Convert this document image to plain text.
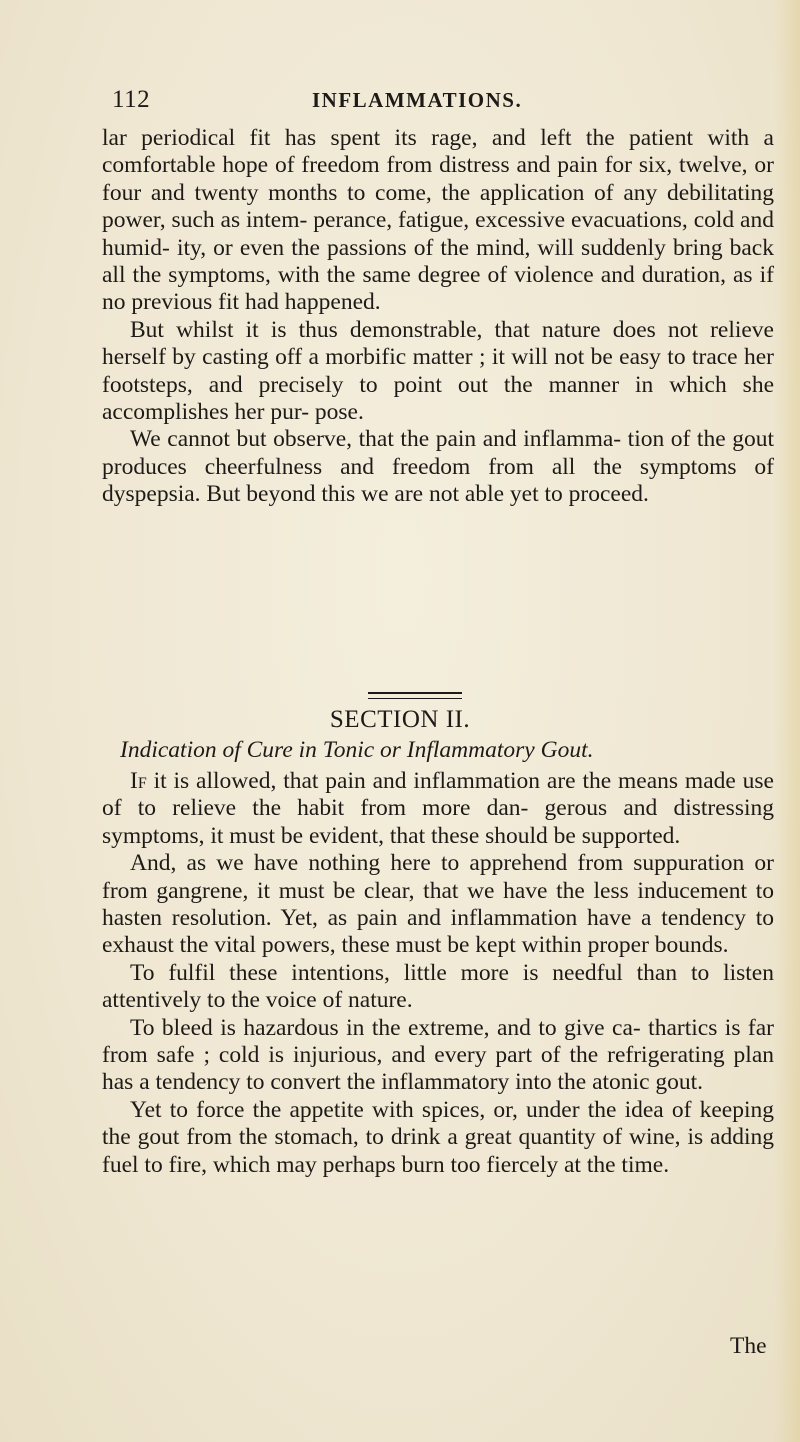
112	INFLAMMATIONS.

lar periodical fit has spent its rage, and left the patient with a comfortable hope of freedom from distress and pain for six, twelve, or four and twenty months to come, the application of any debilitating power, such as intem- perance, fatigue, excessive evacuations, cold and humid- ity, or even the passions of the mind, will suddenly bring back all the symptoms, with the same degree of violence and duration, as if no previous fit had happened.

But whilst it is thus demonstrable, that nature does not relieve herself by casting off a morbific matter ; it will not be easy to trace her footsteps, and precisely to point out the manner in which she accomplishes her pur- pose.

We cannot but observe, that the pain and inflamma- tion of the gout produces cheerfulness and freedom from all the symptoms of dyspepsia. But beyond this we are not able yet to proceed.

SECTION II.
Indication of Cure in Tonic or Inflammatory Gout.

If it is allowed, that pain and inflammation are the means made use of to relieve the habit from more dan- gerous and distressing symptoms, it must be evident, that these should be supported.

And, as we have nothing here to apprehend from suppuration or from gangrene, it must be clear, that we have the less inducement to hasten resolution. Yet, as pain and inflammation have a tendency to exhaust the vital powers, these must be kept within proper bounds.

To fulfil these intentions, little more is needful than to listen attentively to the voice of nature.

To bleed is hazardous in the extreme, and to give ca- thartics is far from safe ; cold is injurious, and every part of the refrigerating plan has a tendency to convert the inflammatory into the atonic gout.

Yet to force the appetite with spices, or, under the idea of keeping the gout from the stomach, to drink a great quantity of wine, is adding fuel to fire, which may perhaps burn too fiercely at the time.

The
